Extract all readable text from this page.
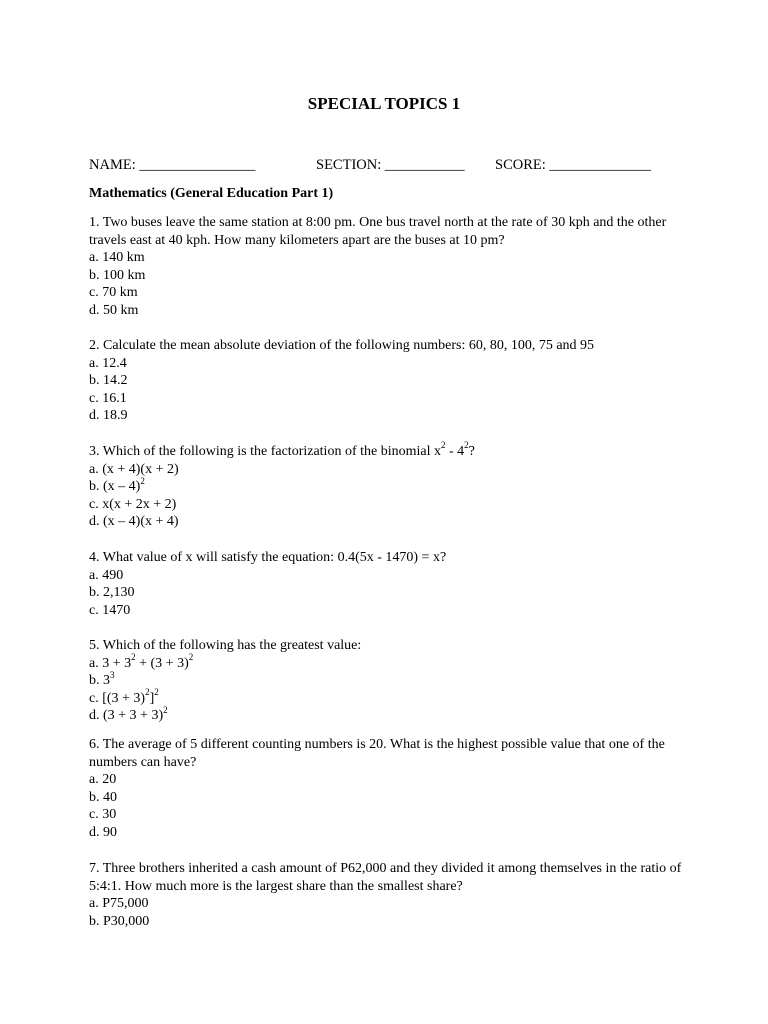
SPECIAL TOPICS 1
NAME: ________________	SECTION: ___________ SCORE: ______________
Mathematics (General Education Part 1)

1. Two buses leave the same station at 8:00 pm. One bus travel north at the rate of 30 kph and the other travels east at 40 kph. How many kilometers apart are the buses at 10 pm?

a. 140 km

b. 100 km

c. 70 km

d. 50 km

2. Calculate the mean absolute deviation of the following numbers: 60, 80, 100, 75 and 95

a. 12.4

b. 14.2

c. 16.1

d. 18.9

3. Which of the following is the factorization of the binomial $x^2 - 4^2$?

a. (x + 4)(x + 2)

b. (x – 4)$^2$

c. x(x + 2x + 2)

d. (x – 4)(x + 4)

4. What value of x will satisfy the equation: 0.4(5x - 1470) = x?

a. 490

b. 2,130

c. 1470

5. Which of the following has the greatest value:

a. $3 + 3^2 + (3 + 3)^2$

b. $3^3$

c. $[(3 + 3)^2]^2$

d. $(3 + 3 + 3)^2$

6. The average of 5 different counting numbers is 20. What is the highest possible value that one of the numbers can have?

a. 20

b. 40

c. 30

d. 90

7. Three brothers inherited a cash amount of P62,000 and they divided it among themselves in the ratio of 5:4:1. How much more is the largest share than the smallest share?

a. P75,000

b. P30,000
